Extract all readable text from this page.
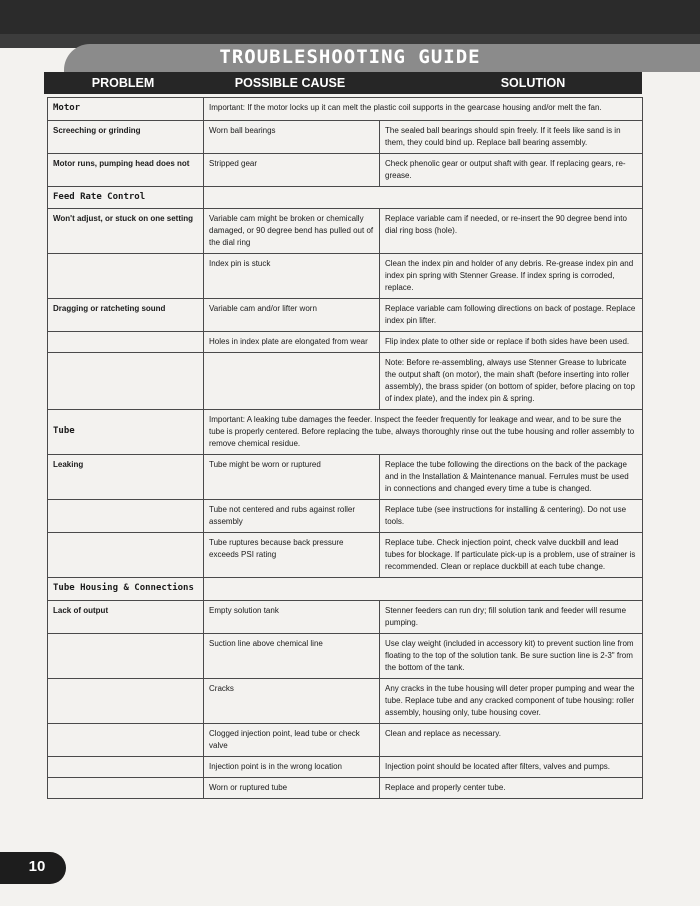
TROUBLESHOOTING GUIDE
PROBLEM	POSSIBLE CAUSE	SOLUTION
Motor	Important: If the motor locks up it can melt the plastic coil supports in the gearcase housing and/or melt the fan.	
Screeching or grinding	Worn ball bearings	The sealed ball bearings should spin freely. If it feels like sand is in them, they could bind up. Replace ball bearing assembly.
Motor runs, pumping head does not	Stripped gear	Check phenolic gear or output shaft with gear. If replacing gears, re-grease.
Feed Rate Control		
Won't adjust, or stuck on one setting	Variable cam might be broken or chemically damaged, or 90 degree bend has pulled out of the dial ring	Replace variable cam if needed, or re-insert the 90 degree bend into dial ring boss (hole).
	Index pin is stuck	Clean the index pin and holder of any debris. Re-grease index pin and index pin spring with Stenner Grease. If index spring is corroded, replace.
Dragging or ratcheting sound	Variable cam and/or lifter worn	Replace variable cam following directions on back of postage. Replace index pin lifter.
	Holes in index plate are elongated from wear	Flip index plate to other side or replace if both sides have been used.
		Note: Before re-assembling, always use Stenner Grease to lubricate the output shaft (on motor), the main shaft (before inserting into roller assembly), the brass spider (on bottom of spider, before placing on top of index plate), and the index pin & spring.
Tube	Important: A leaking tube damages the feeder. Inspect the feeder frequently for leakage and wear, and to be sure the tube is properly centered. Before replacing the tube, always thoroughly rinse out the tube housing and roller assembly to remove chemical residue.	
Leaking	Tube might be worn or ruptured	Replace the tube following the directions on the back of the package and in the Installation & Maintenance manual. Ferrules must be used in connections and changed every time a tube is changed.
	Tube not centered and rubs against roller assembly	Replace tube (see instructions for installing & centering). Do not use tools.
	Tube ruptures because back pressure exceeds PSI rating	Replace tube. Check injection point, check valve duckbill and lead tubes for blockage. If particulate pick-up is a problem, use of strainer is recommended. Clean or replace duckbill at each tube change.
Tube Housing & Connections		
Lack of output	Empty solution tank	Stenner feeders can run dry; fill solution tank and feeder will resume pumping.
	Suction line above chemical line	Use clay weight (included in accessory kit) to prevent suction line from floating to the top of the solution tank. Be sure suction line is 2-3" from the bottom of the tank.
	Cracks	Any cracks in the tube housing will deter proper pumping and wear the tube. Replace tube and any cracked component of tube housing: roller assembly, housing only, tube housing cover.
	Clogged injection point, lead tube or check valve	Clean and replace as necessary.
	Injection point is in the wrong location	Injection point should be located after filters, valves and pumps.
	Worn or ruptured tube	Replace and properly center tube.

10
